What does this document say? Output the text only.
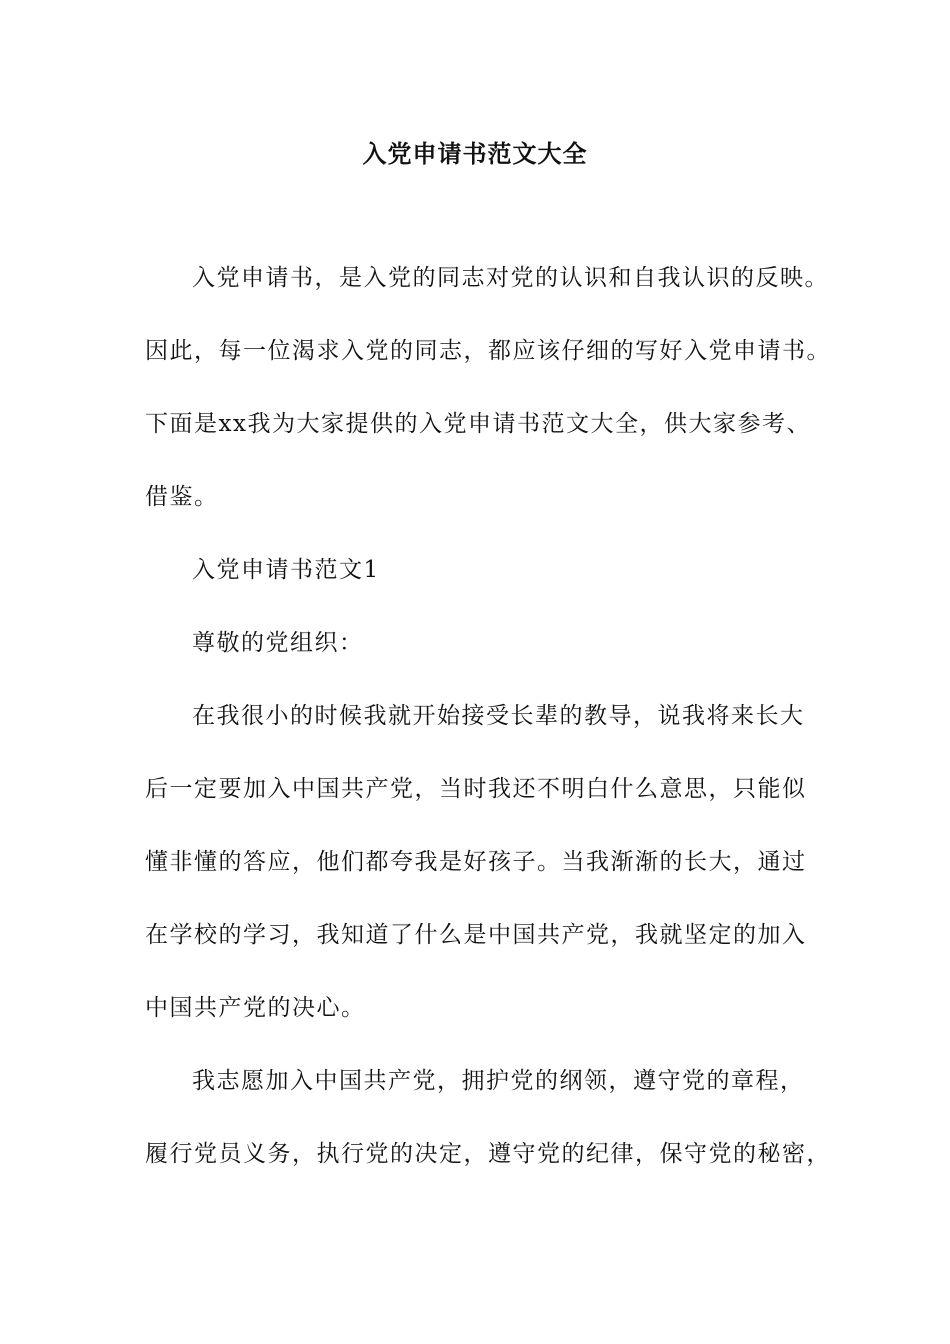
入党申请书范文大全
入党申请书，是入党的同志对党的认识和自我认识的反映。
因此，每一位渴求入党的同志，都应该仔细的写好入党申请书。
下面是xx我为大家提供的入党申请书范文大全，供大家参考、
借鉴。
入党申请书范文1
尊敬的党组织：
在我很小的时候我就开始接受长辈的教导，说我将来长大
后一定要加入中国共产党，当时我还不明白什么意思，只能似
懂非懂的答应，他们都夸我是好孩子。当我渐渐的长大，通过
在学校的学习，我知道了什么是中国共产党，我就坚定的加入
中国共产党的决心。
我志愿加入中国共产党，拥护党的纲领，遵守党的章程，
履行党员义务，执行党的决定，遵守党的纪律，保守党的秘密，
